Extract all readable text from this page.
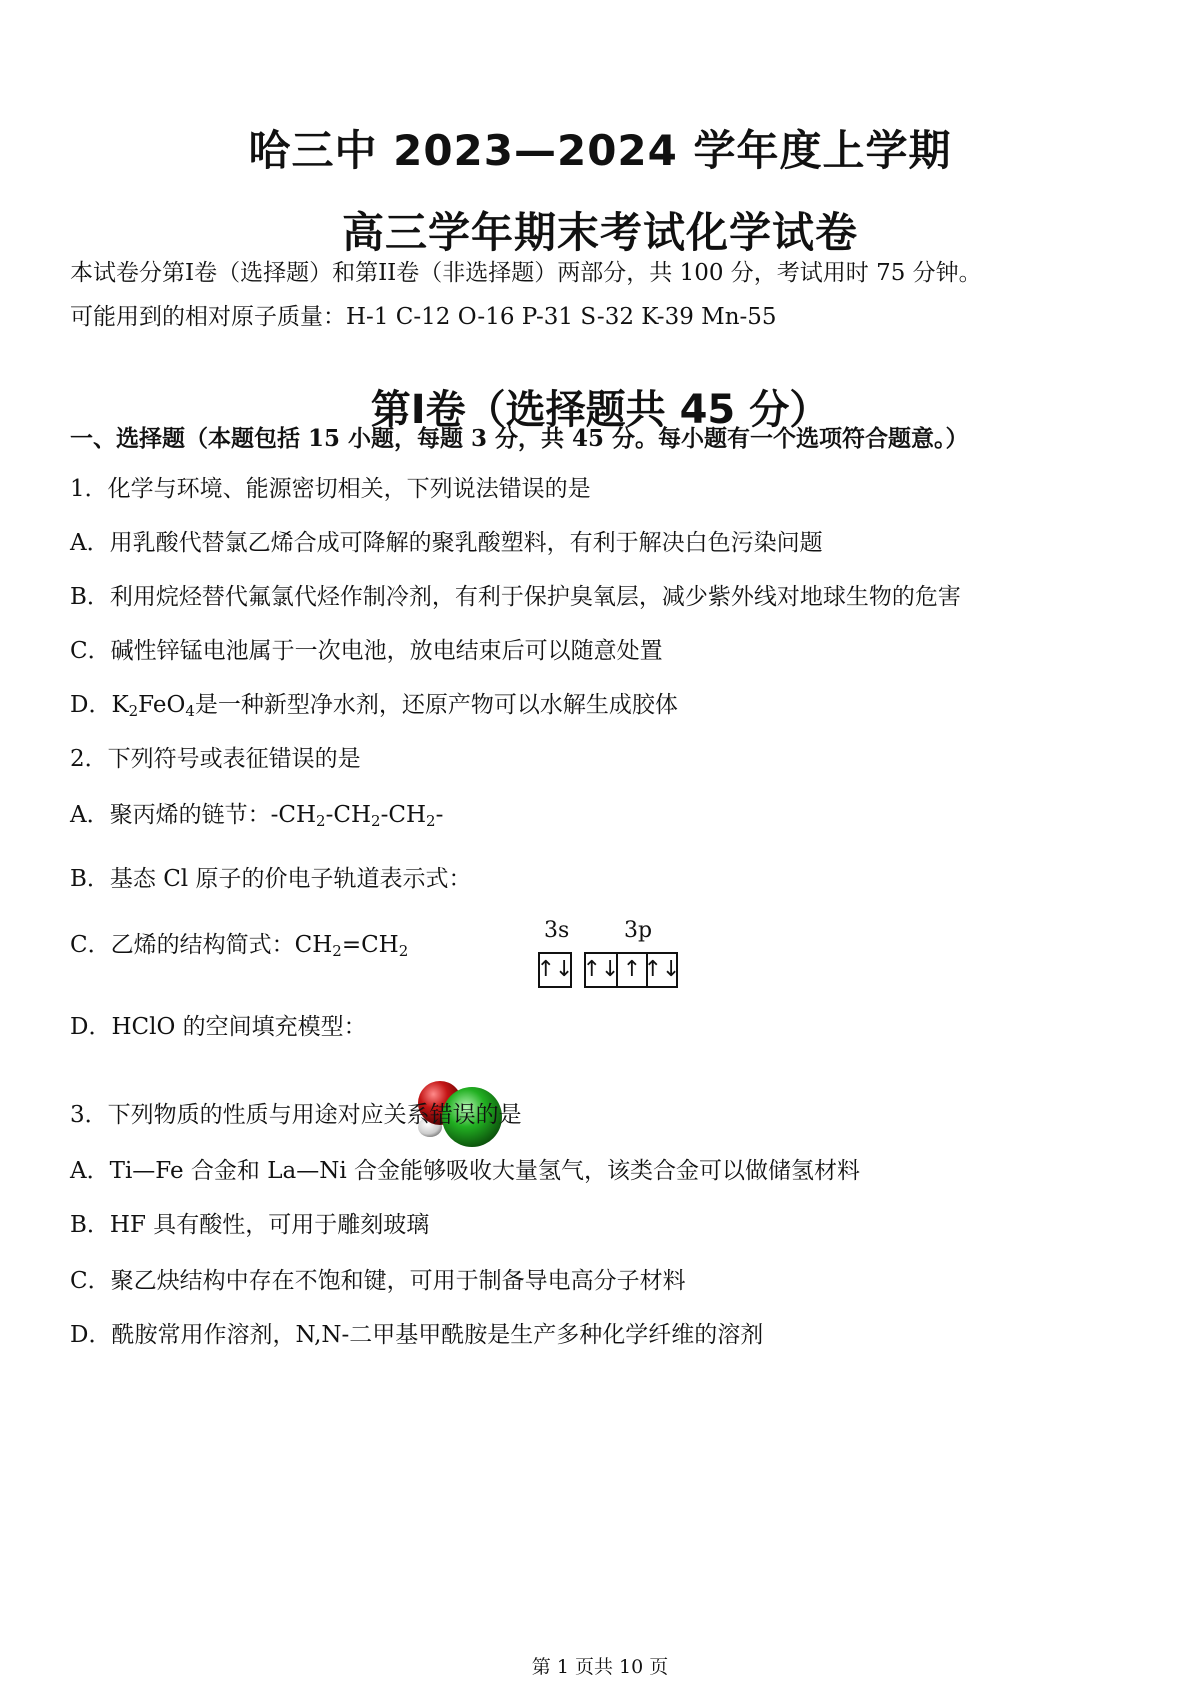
哈三中 2023—2024 学年度上学期
高三学年期末考试化学试卷
本试卷分第I卷（选择题）和第II卷（非选择题）两部分，共 100 分，考试用时 75 分钟。
可能用到的相对原子质量：H-1 C-12 O-16 P-31 S-32 K-39 Mn-55
第I卷（选择题共 45 分）
一、选择题（本题包括 15 小题，每题 3 分，共 45 分。每小题有一个选项符合题意。）
1．化学与环境、能源密切相关，下列说法错误的是
A．用乳酸代替氯乙烯合成可降解的聚乳酸塑料，有利于解决白色污染问题
B．利用烷烃替代氟氯代烃作制冷剂，有利于保护臭氧层，减少紫外线对地球生物的危害
C．碱性锌锰电池属于一次电池，放电结束后可以随意处置
D．$K_2FeO_4$是一种新型净水剂，还原产物可以水解生成胶体
2．下列符号或表征错误的是
A．聚丙烯的链节：$-CH_2-CH_2-CH_2-$
B．基态 Cl 原子的价电子轨道表示式：
3s 3p
↑↓ ↑↓ ↑ ↑↓
C．乙烯的结构简式：$CH_2=CH_2$
D．HClO 的空间填充模型：
3．下列物质的性质与用途对应关系错误的是
A．Ti—Fe 合金和 La—Ni 合金能够吸收大量氢气，该类合金可以做储氢材料
B．HF 具有酸性，可用于雕刻玻璃
C．聚乙炔结构中存在不饱和键，可用于制备导电高分子材料
D．酰胺常用作溶剂，N,N-二甲基甲酰胺是生产多种化学纤维的溶剂
第 1 页共 10 页
